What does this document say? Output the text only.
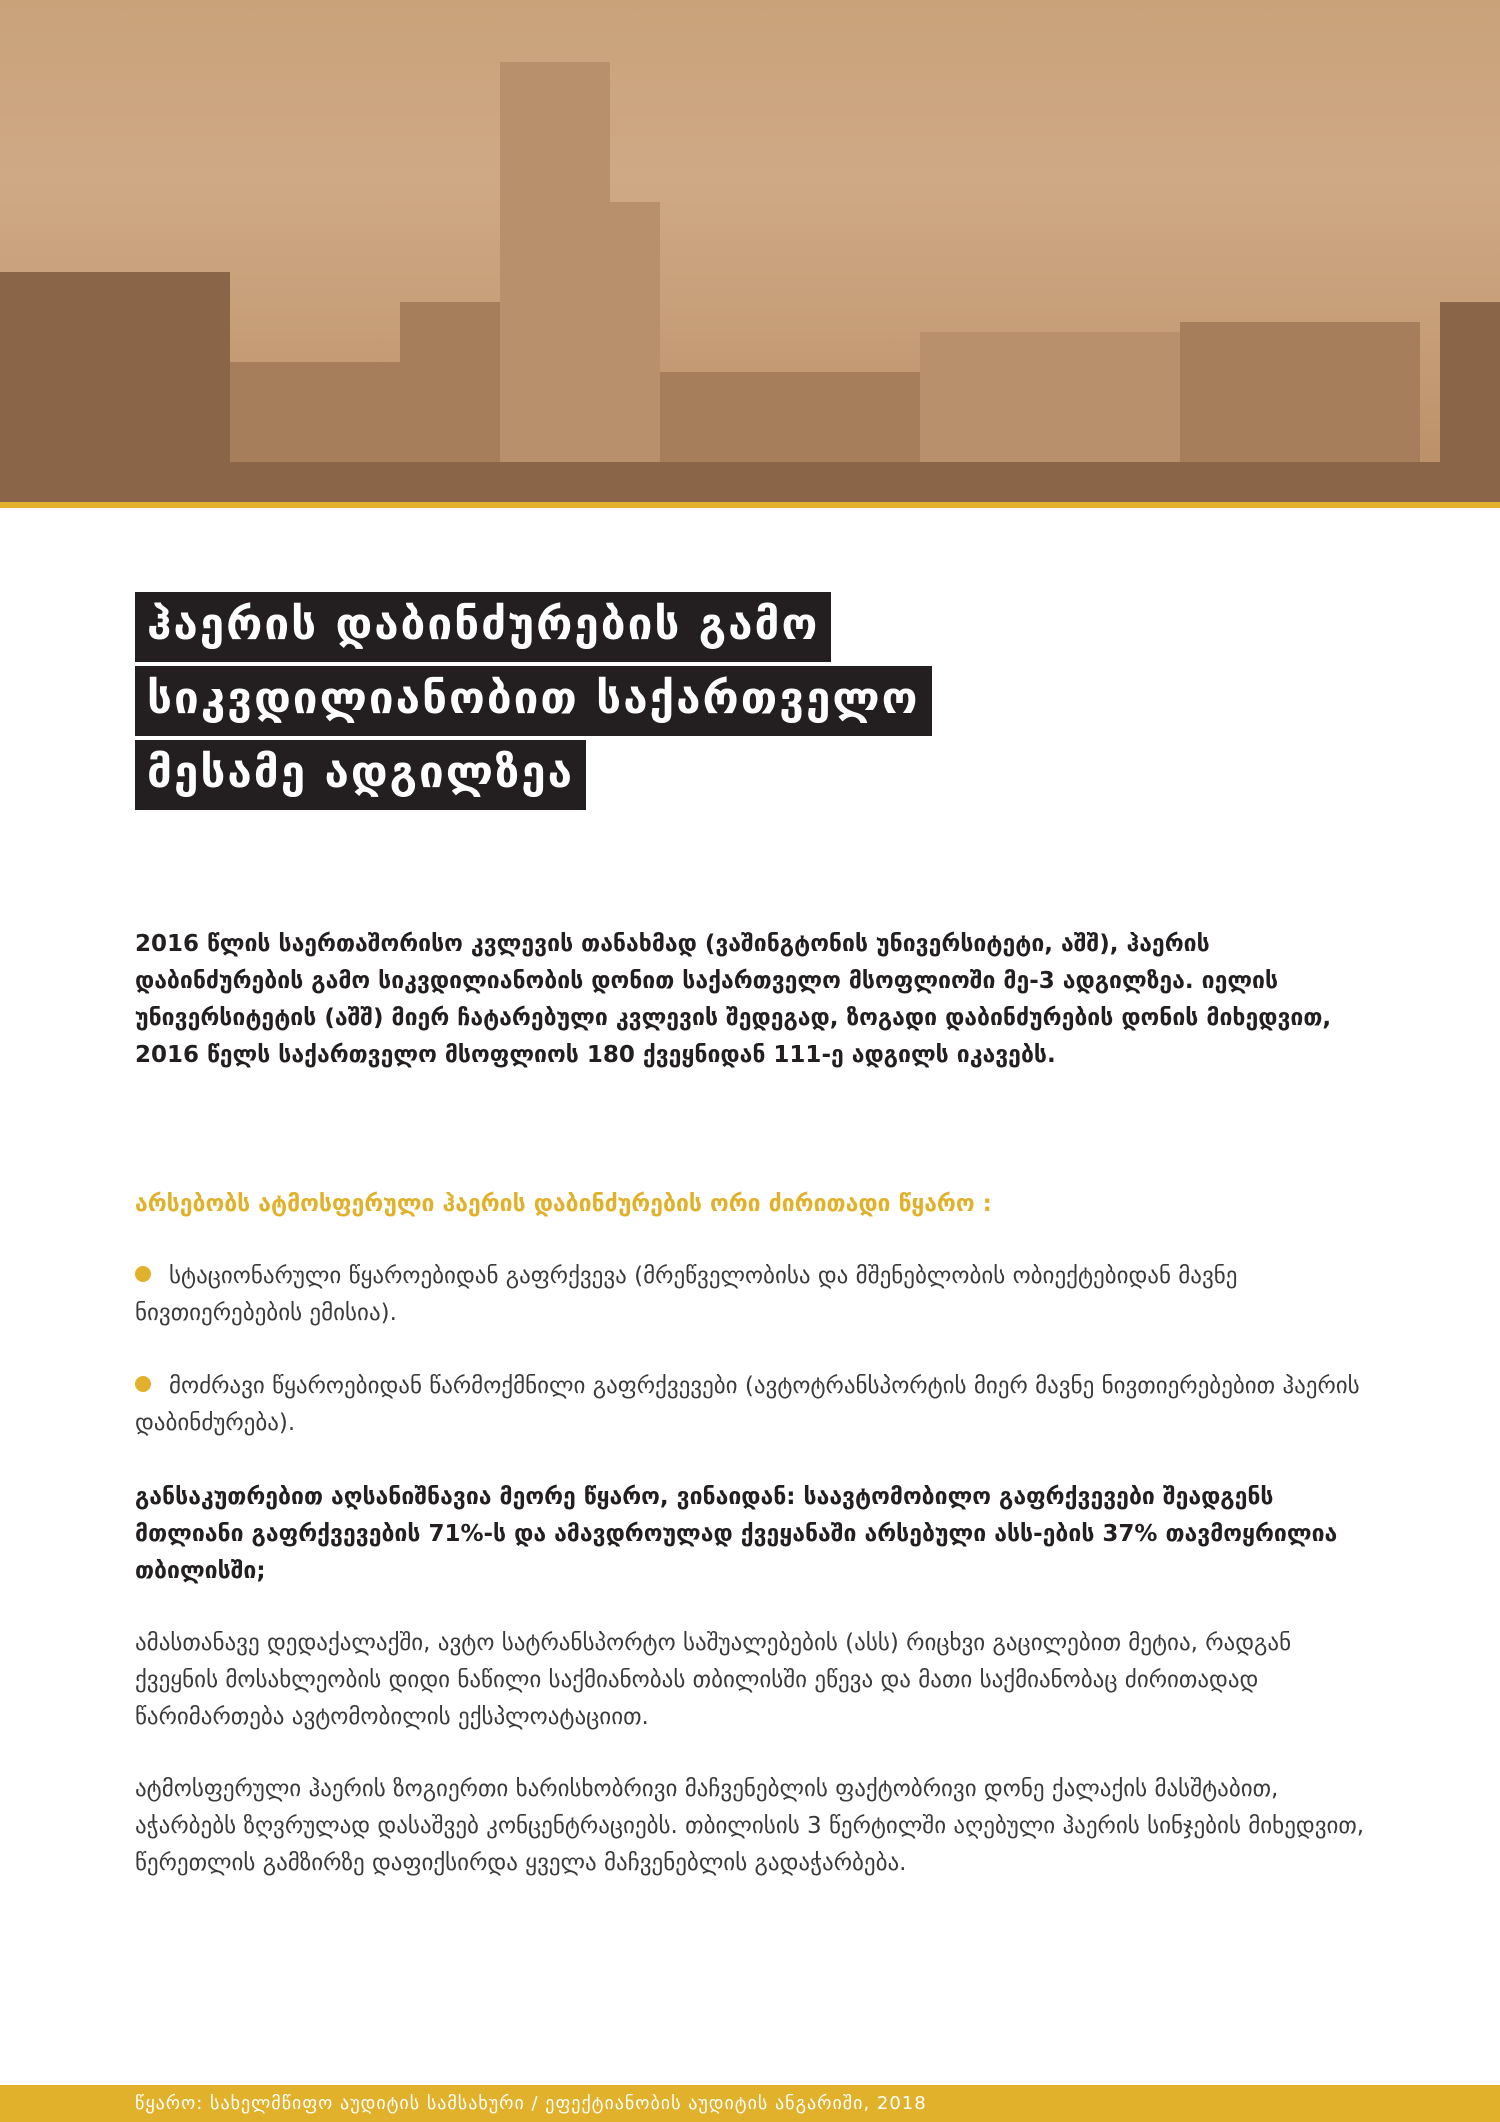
ჰაერის დაბინძურების გამო
სიკვდილიანობით საქართველო
მესამე ადგილზეა

2016 წლის საერთაშორისო კვლევის თანახმად (ვაშინგტონის უნივერსიტეტი, აშშ), ჰაერის დაბინძურების გამო სიკვდილიანობის დონით საქართველო მსოფლიოში მე-3 ადგილზეა. იელის უნივერსიტეტის (აშშ) მიერ ჩატარებული კვლევის შედეგად, ზოგადი დაბინძურების დონის მიხედვით, 2016 წელს საქართველო მსოფლიოს 180 ქვეყნიდან 111-ე ადგილს იკავებს.

არსებობს ატმოსფერული ჰაერის დაბინძურების ორი ძირითადი წყარო :

სტაციონარული წყაროებიდან გაფრქვევა (მრეწველობისა და მშენებლობის ობიექტებიდან მავნე ნივთიერებების ემისია).
მოძრავი წყაროებიდან წარმოქმნილი გაფრქვევები (ავტოტრანსპორტის მიერ მავნე ნივთიერებებით ჰაერის დაბინძურება).

განსაკუთრებით აღსანიშნავია მეორე წყარო, ვინაიდან: საავტომობილო გაფრქვევები შეადგენს მთლიანი გაფრქვევების 71%-ს და ამავდროულად ქვეყანაში არსებული ასს-ების 37% თავმოყრილია თბილისში;

ამასთანავე დედაქალაქში, ავტო სატრანსპორტო საშუალებების (ასს) რიცხვი გაცილებით მეტია, რადგან ქვეყნის მოსახლეობის დიდი ნაწილი საქმიანობას თბილისში ეწევა და მათი საქმიანობაც ძირითადად წარიმართება ავტომობილის ექსპლოატაციით.

ატმოსფერული ჰაერის ზოგიერთი ხარისხობრივი მაჩვენებლის ფაქტობრივი დონე ქალაქის მასშტაბით, აჭარბებს ზღვრულად დასაშვებ კონცენტრაციებს. თბილისის 3 წერტილში აღებული ჰაერის სინჯების მიხედვით, წერეთლის გამზირზე დაფიქსირდა ყველა მაჩვენებლის გადაჭარბება.

წყარო: სახელმწიფო აუდიტის სამსახური / ეფექტიანობის აუდიტის ანგარიში, 2018
